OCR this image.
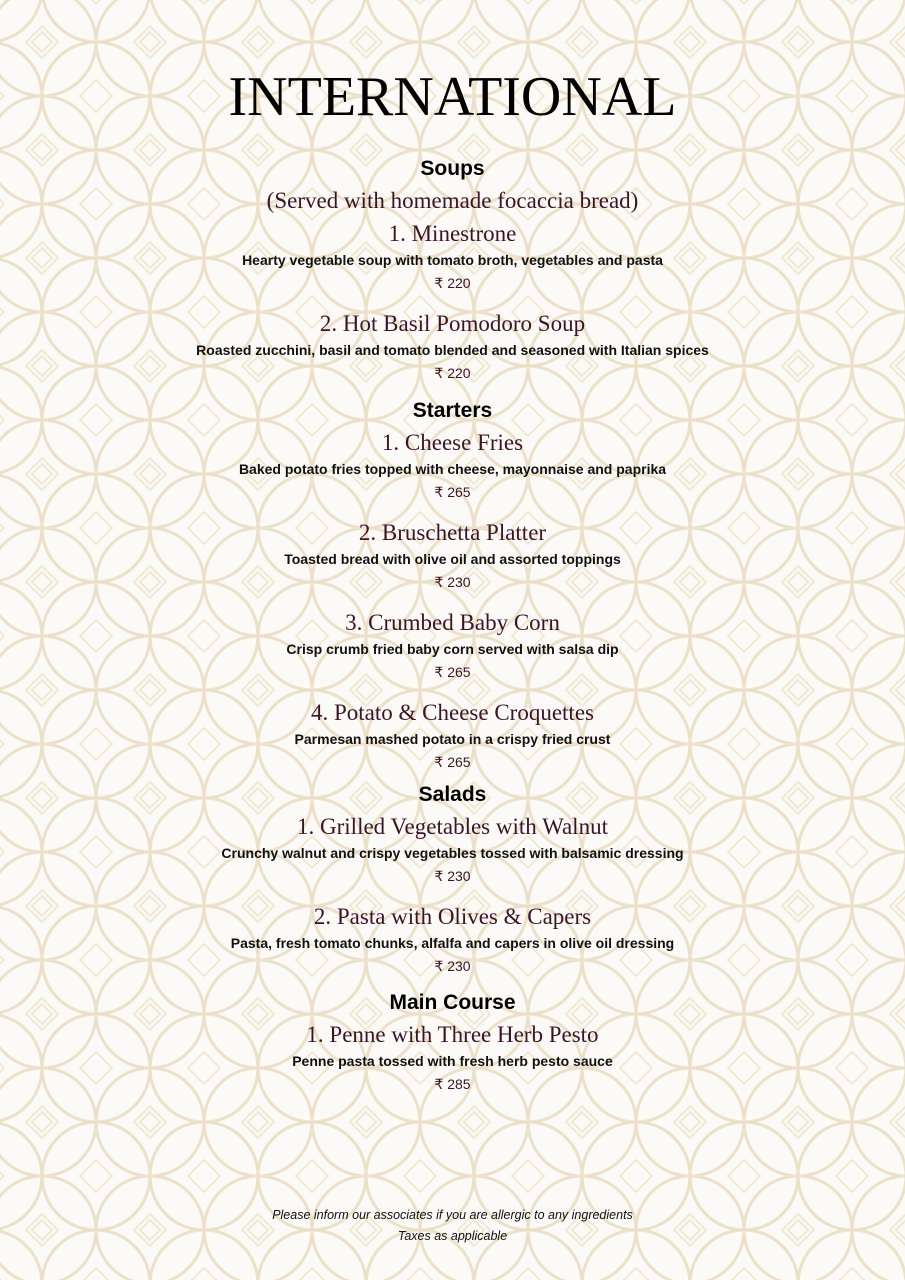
INTERNATIONAL
Soups
(Served with homemade focaccia bread)
1. Minestrone
Hearty vegetable soup with tomato broth, vegetables and pasta
₹ 220
2. Hot Basil Pomodoro Soup
Roasted zucchini, basil and tomato blended and seasoned with Italian spices
₹ 220
Starters
1. Cheese Fries
Baked potato fries topped with cheese, mayonnaise and paprika
₹ 265
2. Bruschetta Platter
Toasted bread with olive oil and assorted toppings
₹ 230
3. Crumbed Baby Corn
Crisp crumb fried baby corn served with salsa dip
₹ 265
4. Potato & Cheese Croquettes
Parmesan mashed potato in a crispy fried crust
₹ 265
Salads
1. Grilled Vegetables with Walnut
Crunchy walnut and crispy vegetables tossed with balsamic dressing
₹ 230
2. Pasta with Olives & Capers
Pasta, fresh tomato chunks, alfalfa and capers in olive oil dressing
₹ 230
Main Course
1. Penne with Three Herb Pesto
Penne pasta tossed with fresh herb pesto sauce
₹ 285
Please inform our associates if you are allergic to any ingredients
Taxes as applicable
